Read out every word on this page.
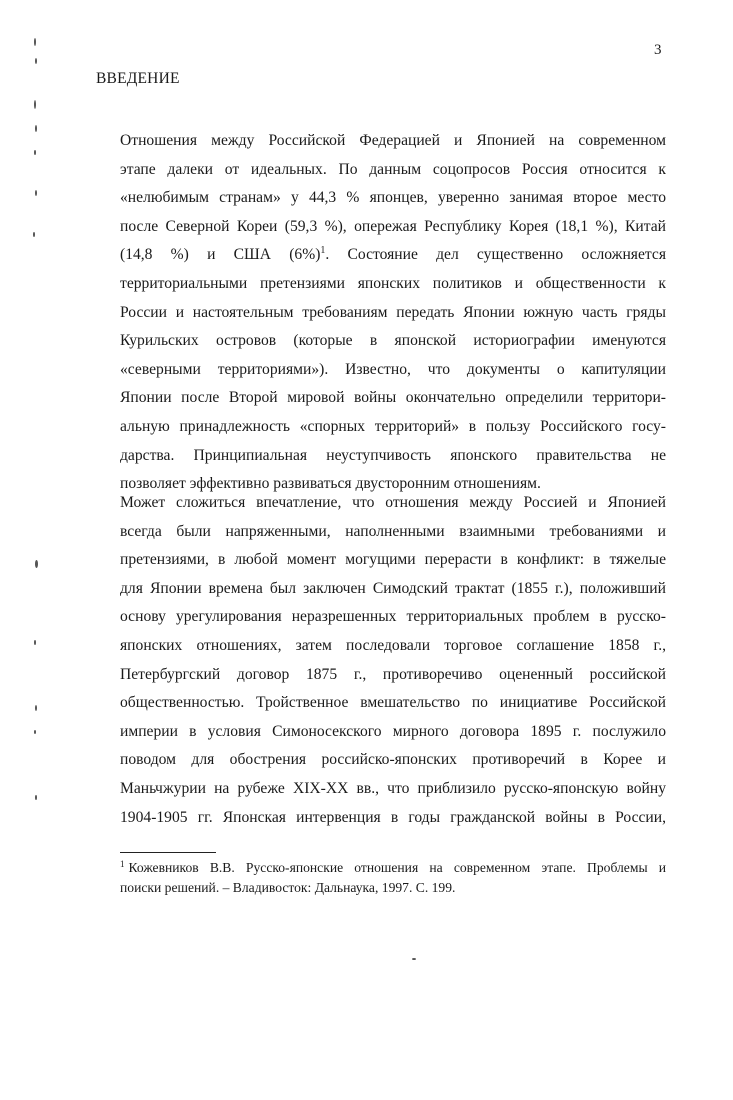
3
ВВЕДЕНИЕ
Отношения между Российской Федерацией и Японией на современном
этапе далеки от идеальных. По данным соцопросов Россия относится к
«нелюбимым странам» у 44,3 % японцев, уверенно занимая второе место
после Северной Кореи (59,3 %), опережая Республику Корея (18,1 %), Китай
(14,8 %) и США $(6\%)^1$. Состояние дел существенно осложняется
территориальными претензиями японских политиков и общественности к
России и настоятельным требованиям передать Японии южную часть гряды
Курильских островов (которые в японской историографии именуются
«северными территориями»). Известно, что документы о капитуляции
Японии после Второй мировой войны окончательно определили территори-
альную принадлежность «спорных территорий» в пользу Российского госу-
дарства. Принципиальная неуступчивость японского правительства не
позволяет эффективно развиваться двусторонним отношениям.
Может сложиться впечатление, что отношения между Россией и Японией
всегда были напряженными, наполненными взаимными требованиями и
претензиями, в любой момент могущими перерасти в конфликт: в тяжелые
для Японии времена был заключен Симодский трактат (1855 г.), положивший
основу урегулирования неразрешенных территориальных проблем в русско-
японских отношениях, затем последовали торговое соглашение 1858 г.,
Петербургский договор 1875 г., противоречиво оцененный российской
общественностью. Тройственное вмешательство по инициативе Российской
империи в условия Симоносекского мирного договора 1895 г. послужило
поводом для обострения российско-японских противоречий в Корее и
Маньчжурии на рубеже XIX-XX вв., что приблизило русско-японскую войну
1904-1905 гг. Японская интервенция в годы гражданской войны в России,
$^1$ Кожевников В.В. Русско-японские отношения на современном этапе. Проблемы и
поиски решений. – Владивосток: Дальнаука, 1997. С. 199.
